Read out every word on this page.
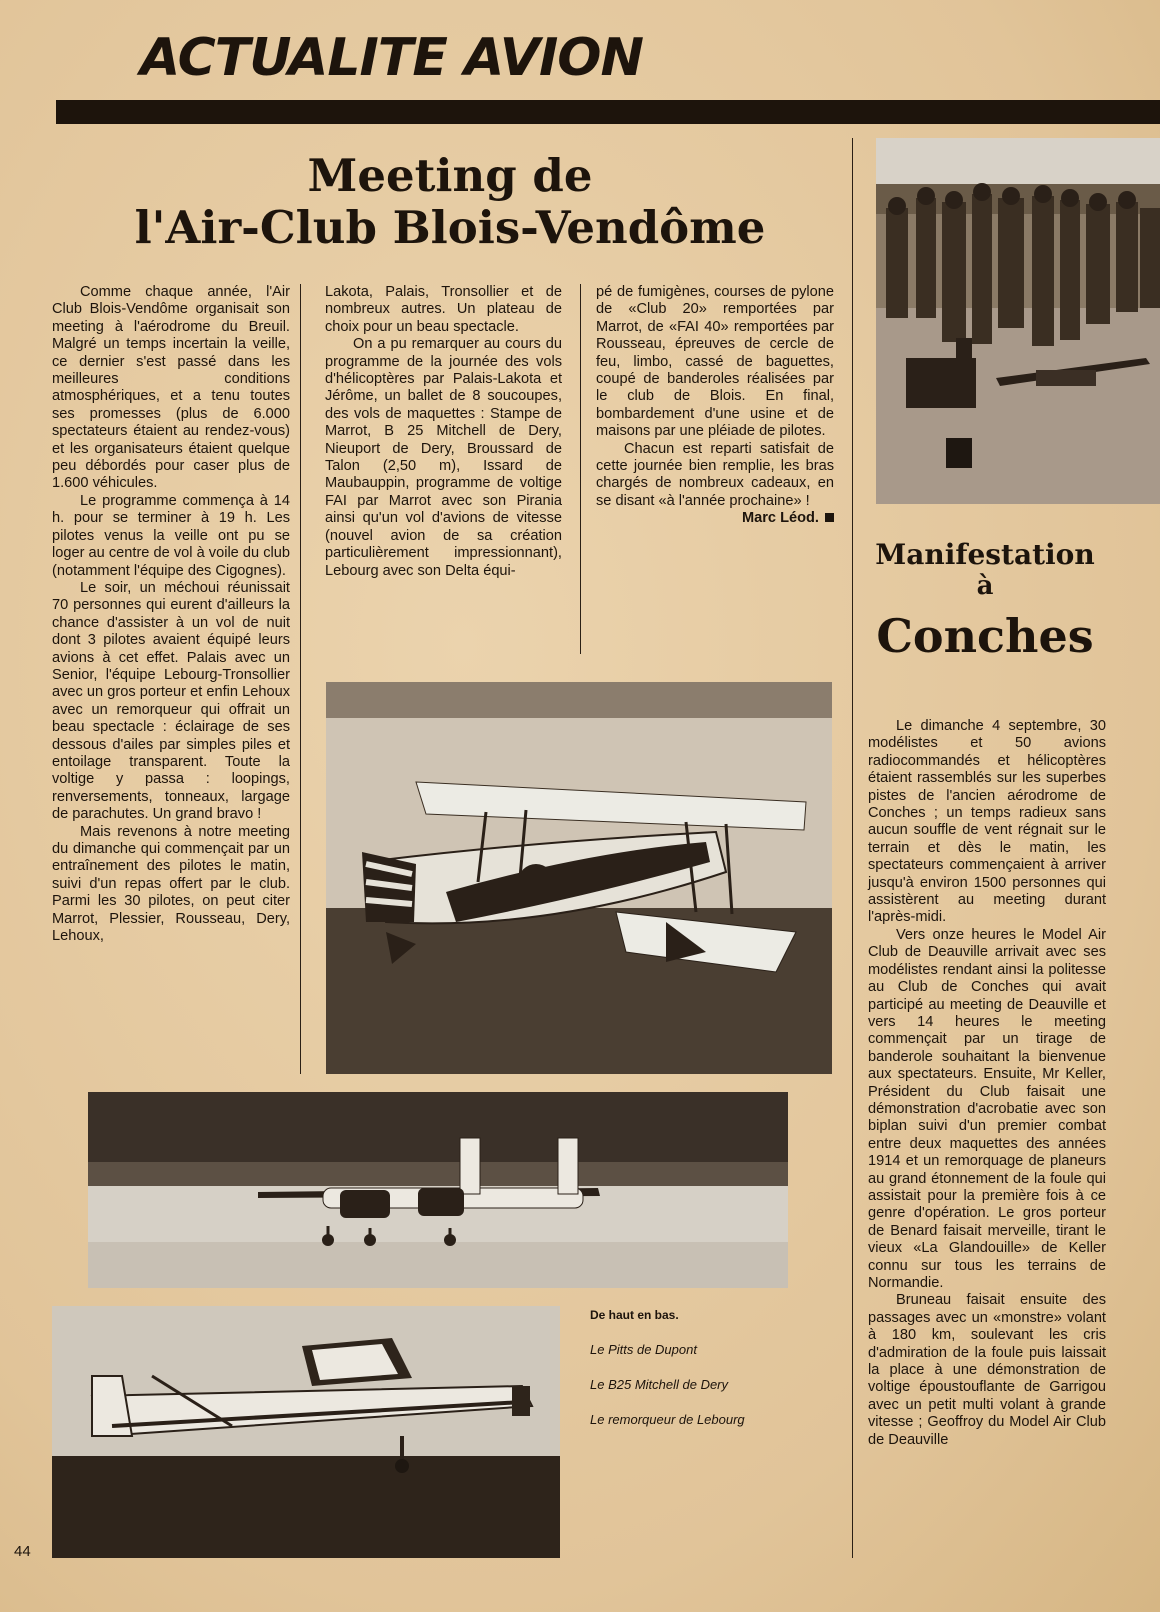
ACTUALITE AVION
Meeting de
l'Air-Club Blois-Vendôme

Comme chaque année, l'Air Club Blois-Vendôme organisait son meeting à l'aérodrome du Breuil. Malgré un temps incertain la veille, ce dernier s'est passé dans les meilleures conditions atmosphériques, et a tenu toutes ses promesses (plus de 6.000 spectateurs étaient au rendez-vous) et les organisateurs étaient quelque peu débordés pour caser plus de 1.600 véhicules.

Le programme commença à 14 h. pour se terminer à 19 h. Les pilotes venus la veille ont pu se loger au centre de vol à voile du club (notamment l'équipe des Cigognes).

Le soir, un méchoui réunissait 70 personnes qui eurent d'ailleurs la chance d'assister à un vol de nuit dont 3 pilotes avaient équipé leurs avions à cet effet. Palais avec un Senior, l'équipe Lebourg-Tronsollier avec un gros porteur et enfin Lehoux avec un remorqueur qui offrait un beau spectacle : éclairage de ses dessous d'ailes par simples piles et entoilage transparent. Toute la voltige y passa : loopings, renversements, tonneaux, largage de parachutes. Un grand bravo !

Mais revenons à notre meeting du dimanche qui commençait par un entraînement des pilotes le matin, suivi d'un repas offert par le club. Parmi les 30 pilotes, on peut citer Marrot, Plessier, Rousseau, Dery, Lehoux,

Lakota, Palais, Tronsollier et de nombreux autres. Un plateau de choix pour un beau spectacle.

On a pu remarquer au cours du programme de la journée des vols d'hélicoptères par Palais-Lakota et Jérôme, un ballet de 8 soucoupes, des vols de maquettes : Stampe de Marrot, B 25 Mitchell de Dery, Nieuport de Dery, Broussard de Talon (2,50 m), Issard de Maubauppin, programme de voltige FAI par Marrot avec son Pirania ainsi qu'un vol d'avions de vitesse (nouvel avion de sa création particulièrement impressionnant), Lebourg avec son Delta équi-

pé de fumigènes, courses de pylone de «Club 20» remportées par Marrot, de «FAI 40» remportées par Rousseau, épreuves de cercle de feu, limbo, cassé de baguettes, coupé de banderoles réalisées par le club de Blois. En final, bombardement d'une usine et de maisons par une pléiade de pilotes.

Chacun est reparti satisfait de cette journée bien remplie, les bras chargés de nombreux cadeaux, en se disant «à l'année prochaine» !

Marc Léod.

Manifestation
à
Conches

Le dimanche 4 septembre, 30 modélistes et 50 avions radiocommandés et hélicoptères étaient rassemblés sur les superbes pistes de l'ancien aérodrome de Conches ; un temps radieux sans aucun souffle de vent régnait sur le terrain et dès le matin, les spectateurs commençaient à arriver jusqu'à environ 1500 personnes qui assistèrent au meeting durant l'après-midi.

Vers onze heures le Model Air Club de Deauville arrivait avec ses modélistes rendant ainsi la politesse au Club de Conches qui avait participé au meeting de Deauville et vers 14 heures le meeting commençait par un tirage de banderole souhaitant la bienvenue aux spectateurs. Ensuite, Mr Keller, Président du Club faisait une démonstration d'acrobatie avec son biplan suivi d'un premier combat entre deux maquettes des années 1914 et un remorquage de planeurs au grand étonnement de la foule qui assistait pour la première fois à ce genre d'opération. Le gros porteur de Benard faisait merveille, tirant le vieux «La Glandouille» de Keller connu sur tous les terrains de Normandie.

Bruneau faisait ensuite des passages avec un «monstre» volant à 180 km, soulevant les cris d'admiration de la foule puis laissait la place à une démonstration de voltige époustouflante de Garrigou avec un petit multi volant à grande vitesse ; Geoffroy du Model Air Club de Deauville

De haut en bas.
Le Pitts de Dupont
Le B25 Mitchell de Dery
Le remorqueur de Lebourg
44
